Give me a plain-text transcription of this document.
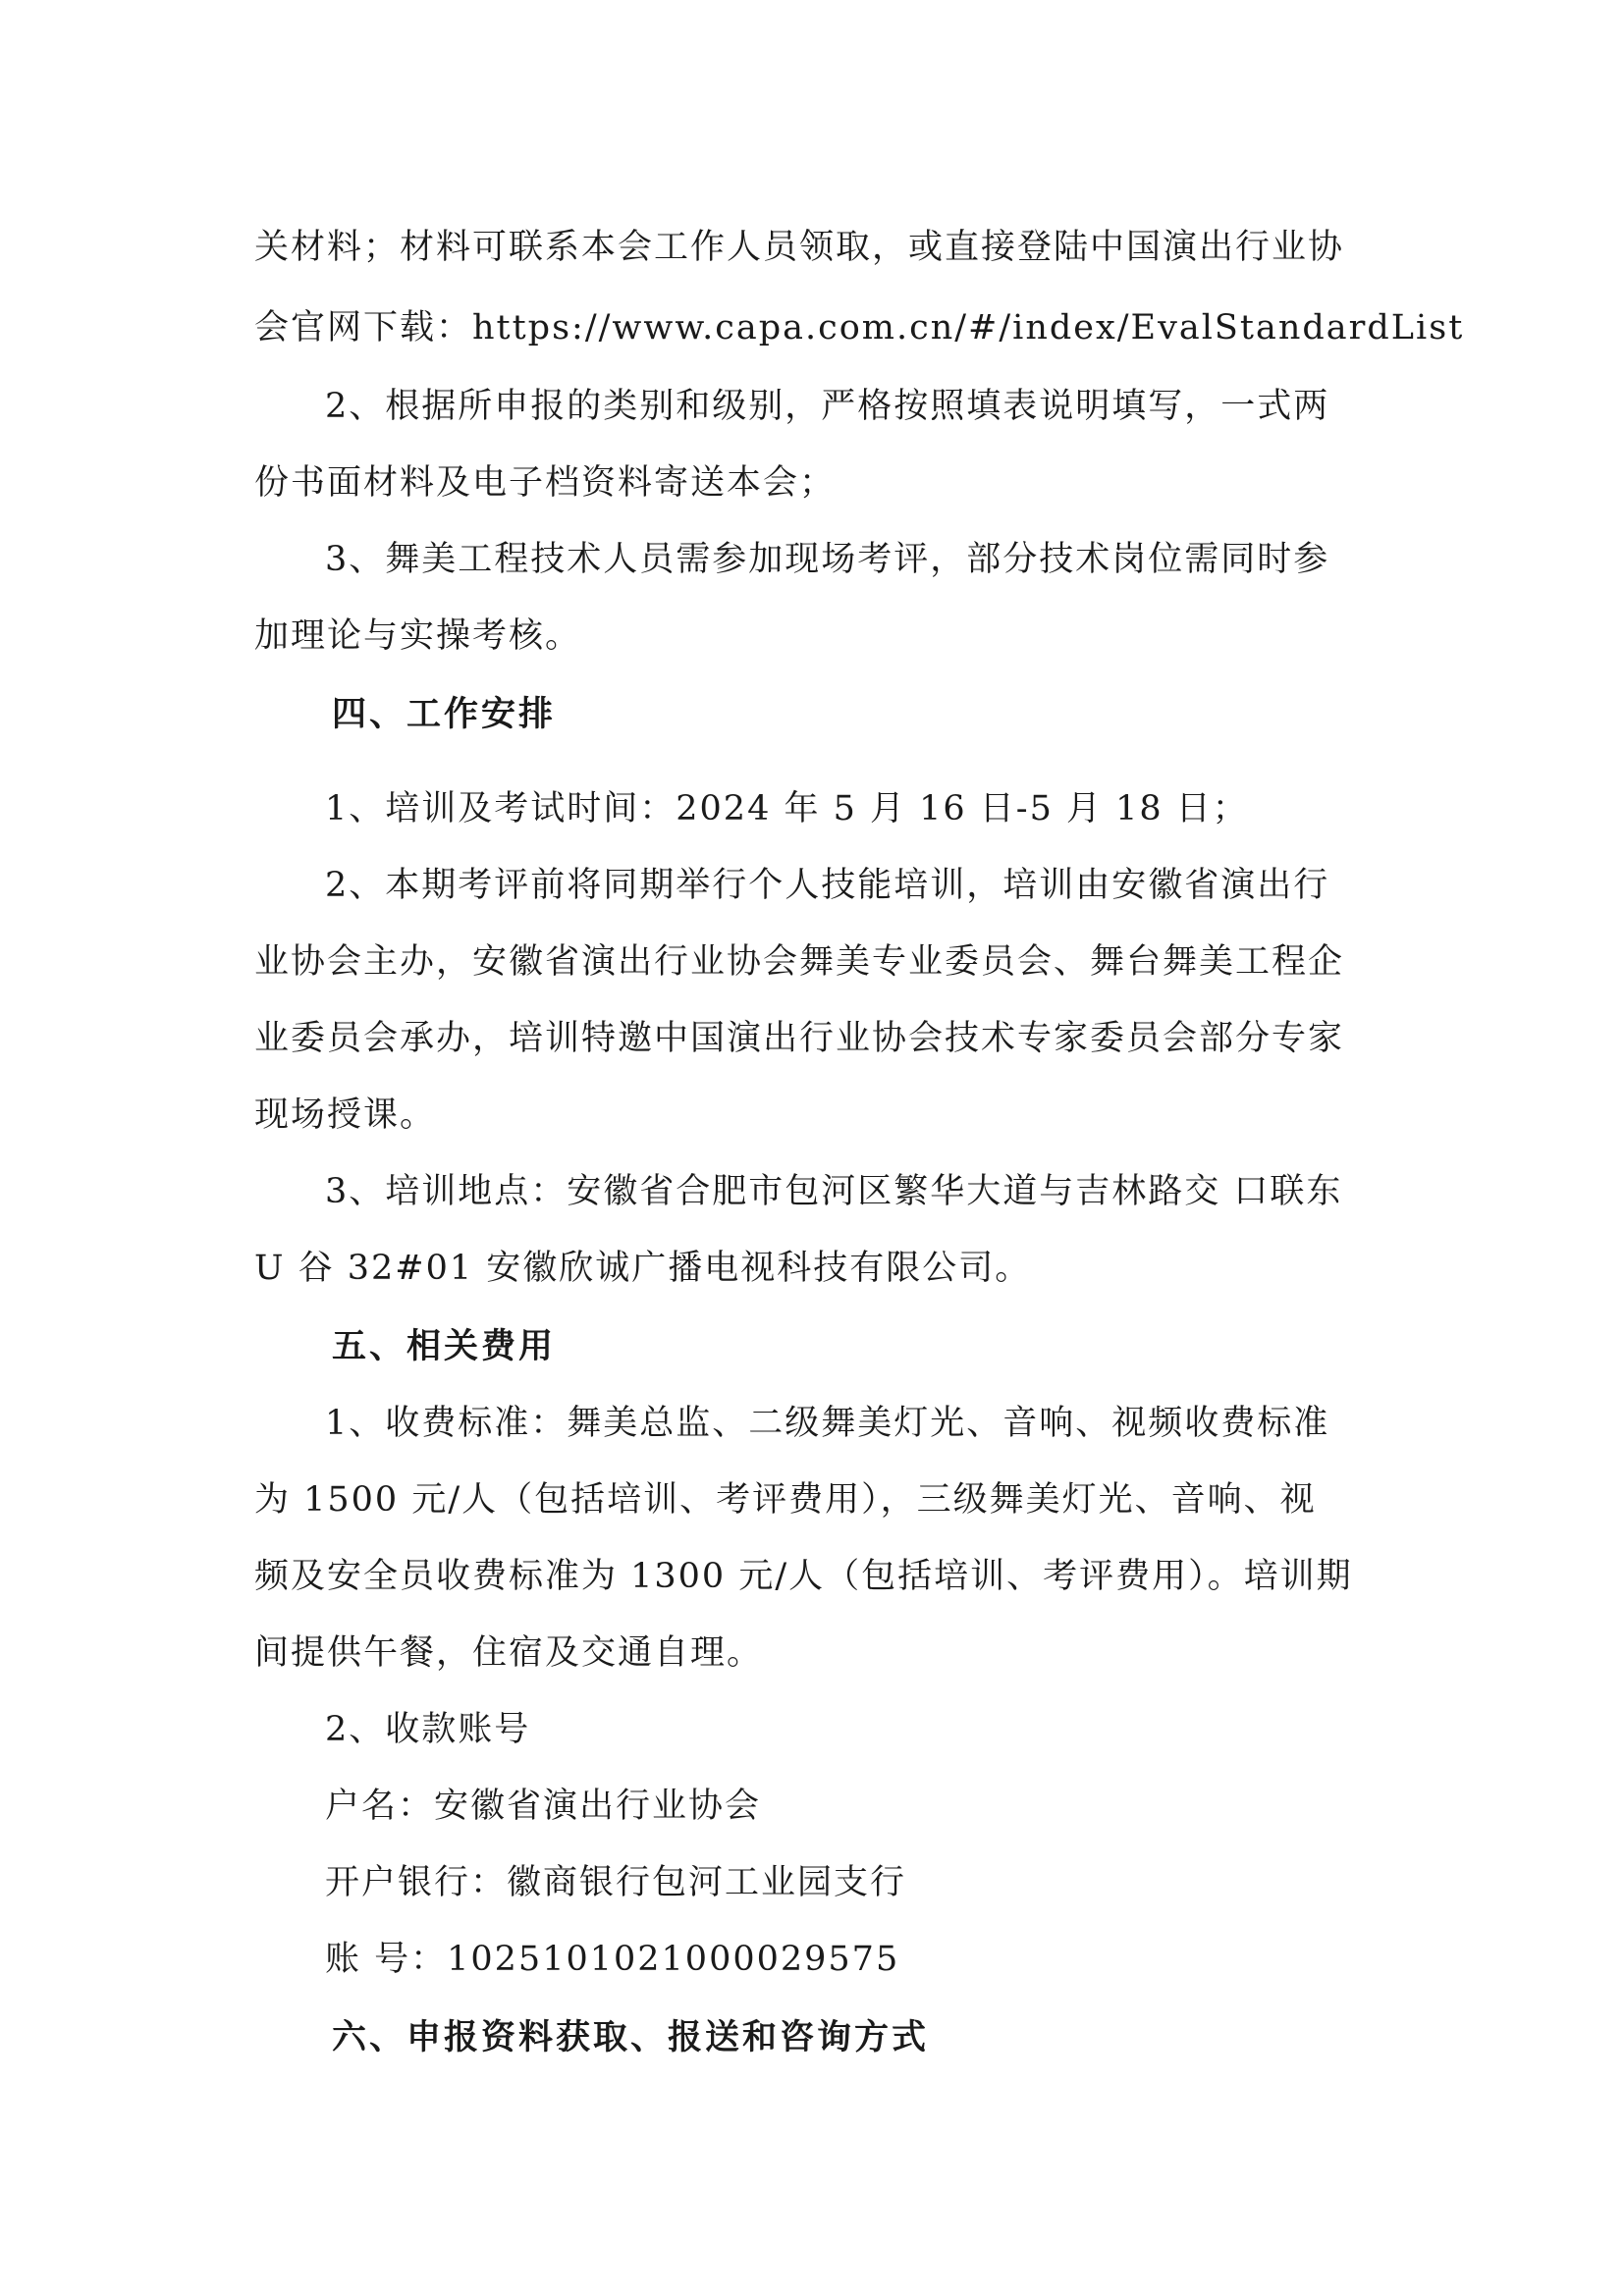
关材料；材料可联系本会工作人员领取，或直接登陆中国演出行业协
会官网下载：https://www.capa.com.cn/#/index/EvalStandardList
2、根据所申报的类别和级别，严格按照填表说明填写，一式两
份书面材料及电子档资料寄送本会；
3、舞美工程技术人员需参加现场考评，部分技术岗位需同时参
加理论与实操考核。
四、工作安排
1、培训及考试时间：2024 年 5 月 16 日-5 月 18 日；
2、本期考评前将同期举行个人技能培训，培训由安徽省演出行
业协会主办，安徽省演出行业协会舞美专业委员会、舞台舞美工程企
业委员会承办，培训特邀中国演出行业协会技术专家委员会部分专家
现场授课。
3、培训地点：安徽省合肥市包河区繁华大道与吉林路交 口联东
U 谷 32#01 安徽欣诚广播电视科技有限公司。
五、相关费用
1、收费标准：舞美总监、二级舞美灯光、音响、视频收费标准
为 1500 元/人（包括培训、考评费用），三级舞美灯光、音响、视
频及安全员收费标准为 1300 元/人（包括培训、考评费用）。培训期
间提供午餐，住宿及交通自理。
2、收款账号
户名：安徽省演出行业协会
开户银行：徽商银行包河工业园支行
账 号：10251010210000​29575
六、申报资料获取、报送和咨询方式
